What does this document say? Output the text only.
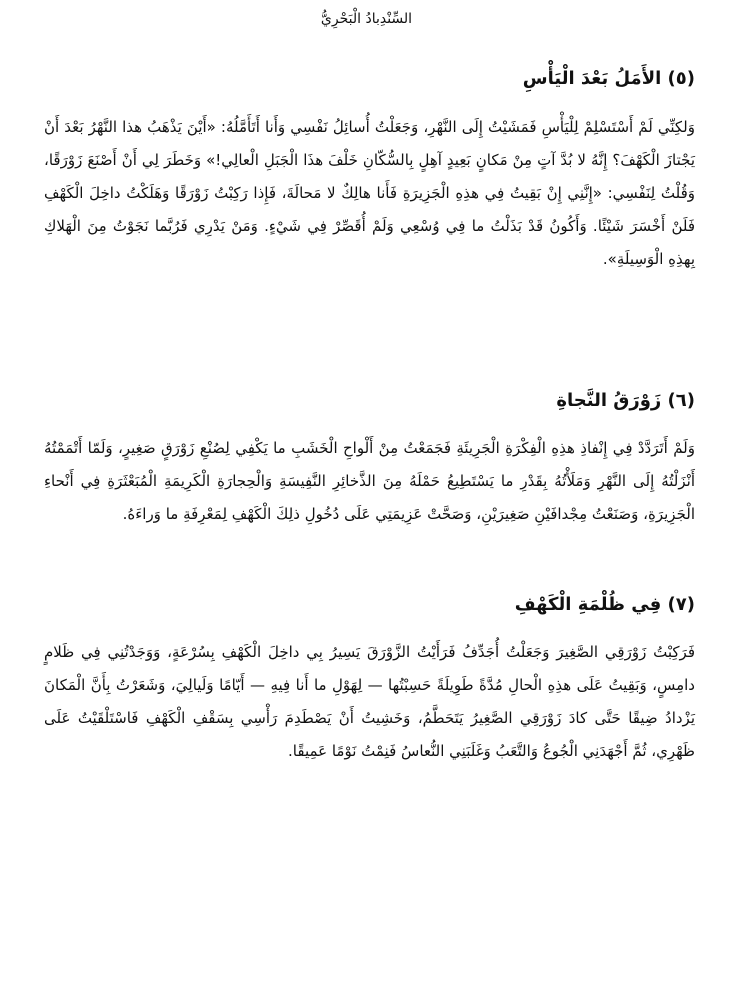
السِّنْدِبادُ الْبَحْرِيُّ
(٥) الأَمَلُ بَعْدَ الْيَأْسِ

وَلكِنِّي لَمْ أَسْتَسْلِمْ لِلْيَأْسِ فَمَشَيْتُ إِلَى النَّهْرِ، وَجَعَلْتُ أُسائِلُ نَفْسِي وَأَنا أَتَأَمَّلُهُ: «أَيْنَ يَذْهَبُ هذا النَّهْرُ بَعْدَ أَنْ يَجْتازَ الْكَهْفَ؟ إِنَّهُ لا بُدَّ آتٍ مِنْ مَكانٍ بَعِيدٍ آهِلٍ بِالسُّكّانِ خَلْفَ هذَا الْجَبَلِ الْعالِي!» وَخَطَرَ لِي أَنْ أَصْنَعَ زَوْرَقًا، وَقُلْتُ لِنَفْسِي: «إِنَّنِي إِنْ بَقِيتُ فِي هذِهِ الْجَزِيرَةِ فَأَنا هالِكٌ لا مَحالَةَ، فَإِذا رَكِبْتُ زَوْرَقًا وَهَلَكْتُ داخِلَ الْكَهْفِ فَلَنْ أَخْسَرَ شَيْئًا. وَأَكُونُ قَدْ بَذَلْتُ ما فِي وُسْعِي وَلَمْ أُقَصِّرْ فِي شَيْءٍ. وَمَنْ يَدْرِي فَرُبَّما نَجَوْتُ مِنَ الْهَلاكِ بِهذِهِ الْوَسِيلَةِ».

(٦) زَوْرَقُ النَّجاةِ

وَلَمْ أَتَرَدَّدْ فِي إِنْفاذِ هذِهِ الْفِكْرَةِ الْجَرِيئَةِ فَجَمَعْتُ مِنْ أَلْواحِ الْخَشَبِ ما يَكْفِي لِصُنْعِ زَوْرَقٍ صَغِيرٍ، وَلَمّا أَتْمَمْتُهُ أَنْزَلْتُهُ إِلَى النَّهْرِ وَمَلَأْتُهُ بِقَدْرِ ما يَسْتَطِيعُ حَمْلَهُ مِنَ الذَّخائِرِ النَّفِيسَةِ وَالْحِجارَةِ الْكَرِيمَةِ الْمُبَعْثَرَةِ فِي أَنْحاءِ الْجَزِيرَةِ، وَصَنَعْتُ مِجْدافَيْنِ صَغِيرَيْنِ، وَصَحَّتْ عَزِيمَتِي عَلَى دُخُولِ ذلِكَ الْكَهْفِ لِمَعْرِفَةِ ما وَراءَهُ.

(٧) فِي ظُلْمَةِ الْكَهْفِ

فَرَكِبْتُ زَوْرَقِي الصَّغِيرَ وَجَعَلْتُ أُجَدِّفُ فَرَأَيْتُ الزَّوْرَقَ يَسِيرُ بِي داخِلَ الْكَهْفِ بِسُرْعَةٍ، وَوَجَدْتُنِي فِي ظَلامٍ دامِسٍ، وَبَقِيتُ عَلَى هذِهِ الْحالِ مُدَّةً طَوِيلَةً حَسِبْتُها — لِهَوْلِ ما أَنا فِيهِ — أَيّامًا وَلَيالِيَ، وَشَعَرْتُ بِأَنَّ الْمَكانَ يَزْدادُ ضِيقًا حَتَّى كادَ زَوْرَقِي الصَّغِيرُ يَتَحَطَّمُ، وَخَشِيتُ أَنْ يَصْطَدِمَ رَأْسِي بِسَقْفِ الْكَهْفِ فَاسْتَلْقَيْتُ عَلَى ظَهْرِي، ثُمَّ أَجْهَدَنِي الْجُوعُ وَالتَّعَبُ وَغَلَبَنِي النُّعاسُ فَنِمْتُ نَوْمًا عَمِيقًا.
